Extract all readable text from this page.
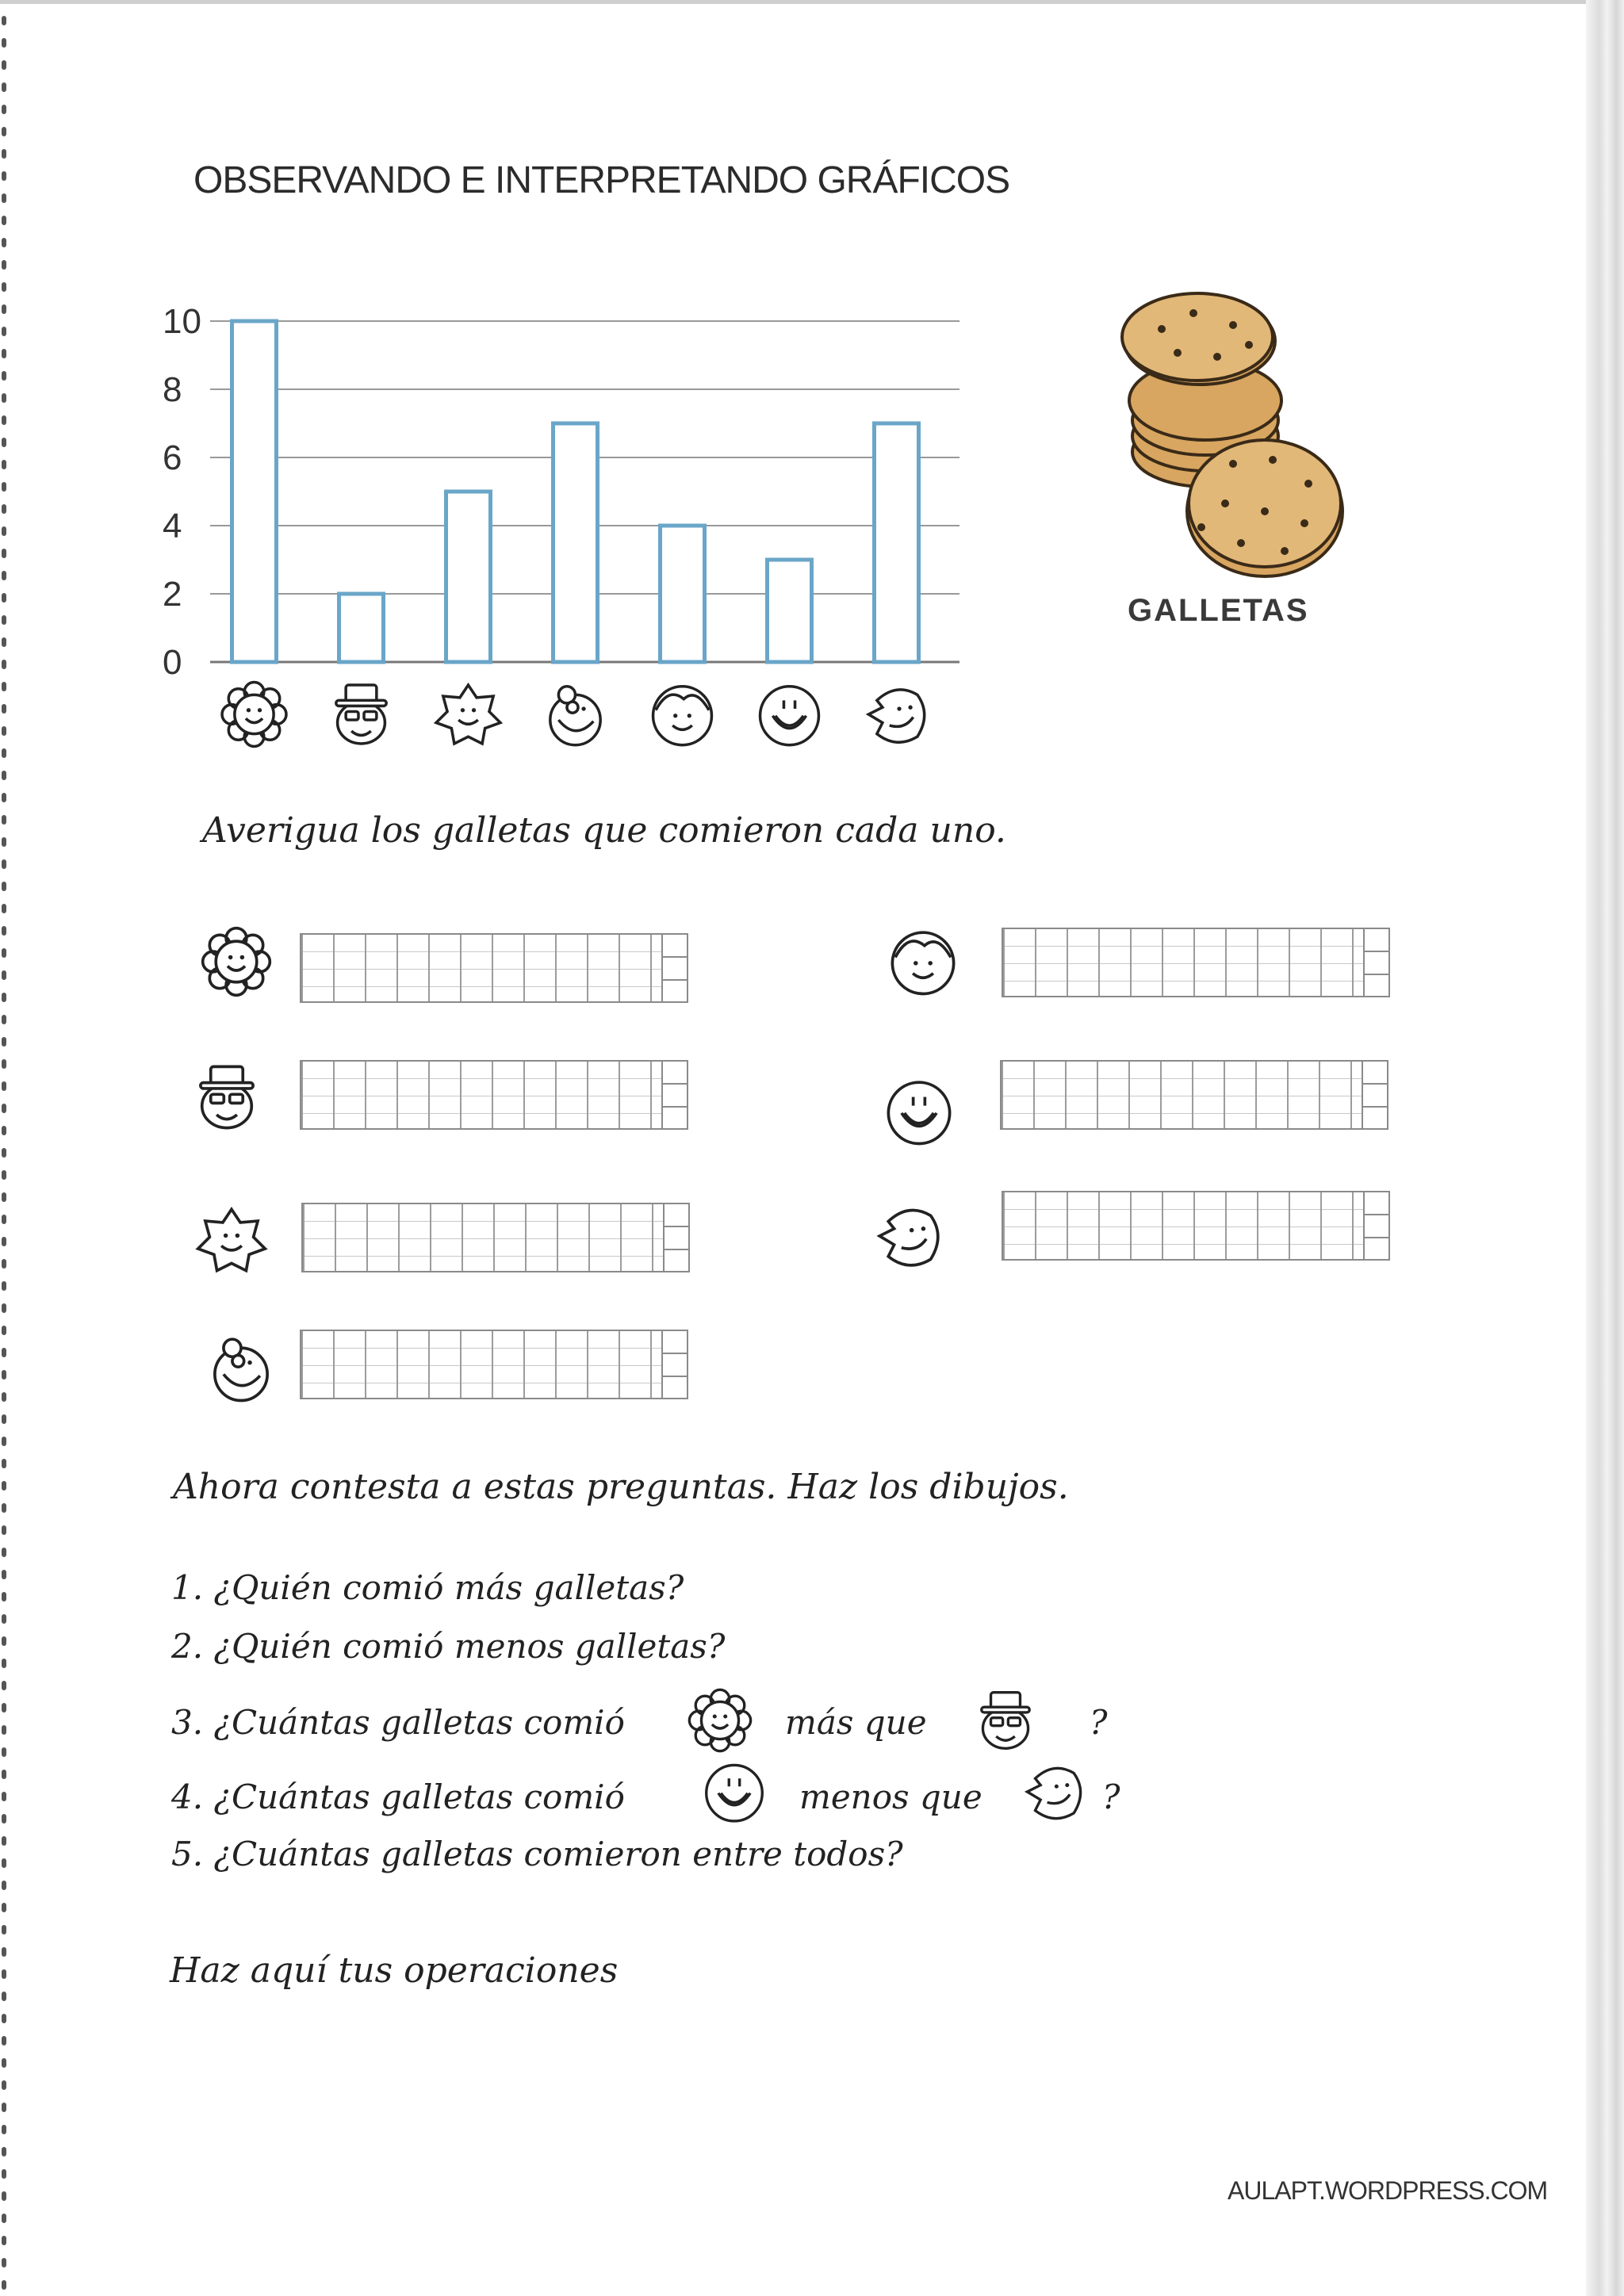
OBSERVANDO E INTERPRETANDO GRÁFICOS
0
2
4
6
8
10
GALLETAS
Averigua los galletas que comieron cada uno.
Ahora contesta a estas preguntas. Haz los dibujos.
1. ¿Quién comió más galletas?
2. ¿Quién comió menos galletas?
3. ¿Cuántas galletas comió	más que	?
4. ¿Cuántas galletas comió	menos que	?
5. ¿Cuántas galletas comieron entre todos?
Haz aquí tus operaciones
AULAPT.WORDPRESS.COM
